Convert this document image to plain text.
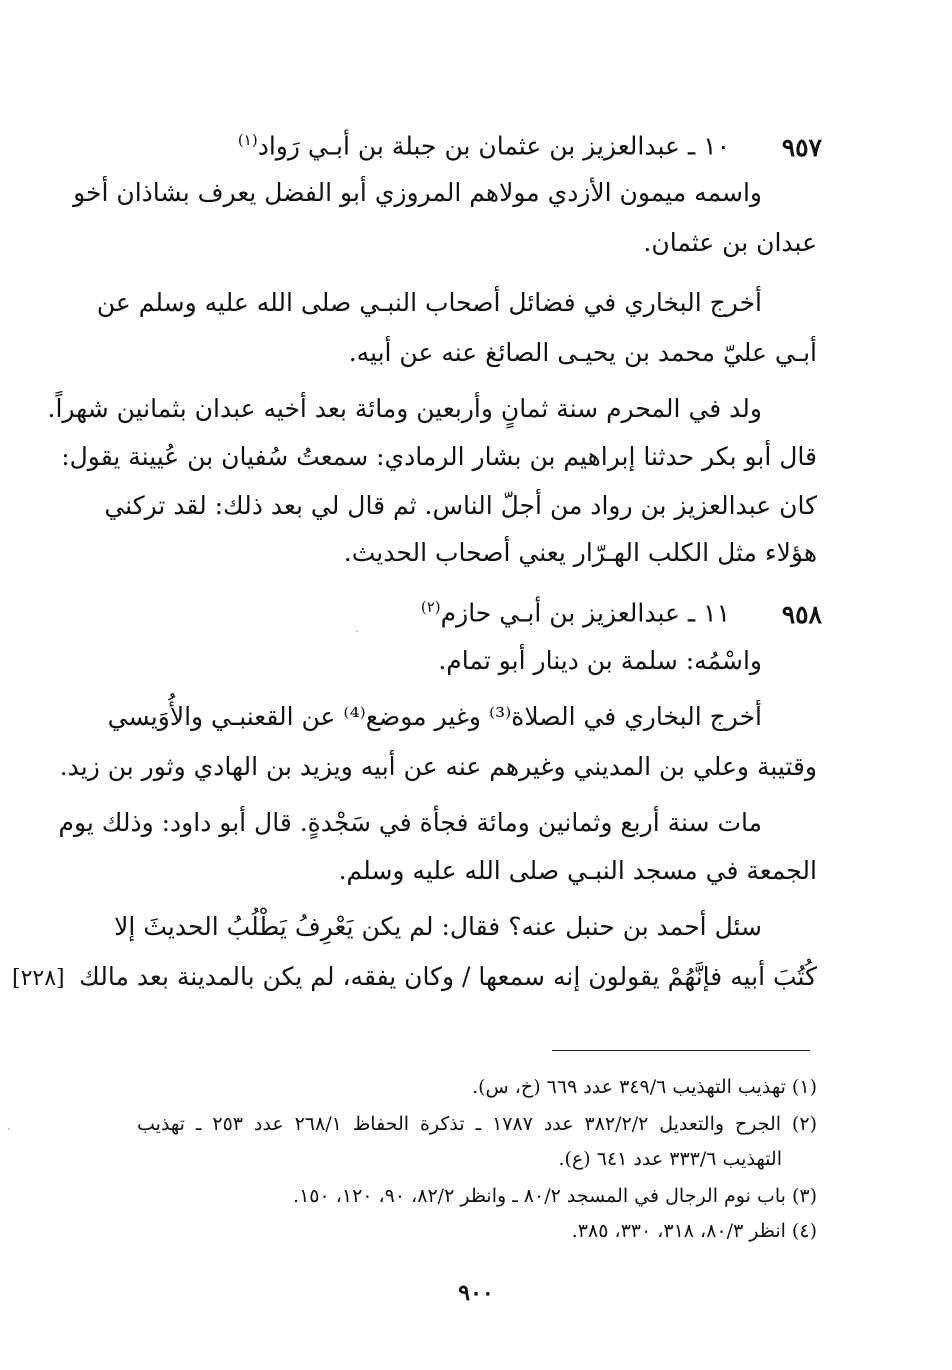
٩٥٧
١٠ ـ عبدالعزيز بن عثمان بن جبلة بن أبـي رَواد$^{(١)}$
واسمه ميمون الأزدي مولاهم المروزي أبو الفضل يعرف بشاذان أخو
عبدان بن عثمان.
أخرج البخاري في فضائل أصحاب النبـي صلى الله عليه وسلم عن
أبـي عليّ محمد بن يحيـى الصائغ عنه عن أبيه.
ولد في المحرم سنة ثمانٍ وأربعين ومائة بعد أخيه عبدان بثمانين شهراً.
قال أبو بكر حدثنا إبراهيم بن بشار الرمادي: سمعتُ سُفيان بن عُيينة يقول:
كان عبدالعزيز بن رواد من أجلّ الناس. ثم قال لي بعد ذلك: لقد تركني
هؤلاء مثل الكلب الهـرّار يعني أصحاب الحديث.
٩٥٨
١١ ـ عبدالعزيز بن أبـي حازم$^{(٢)}$
واسْمُه: سلمة بن دينار أبو تمام.
أخرج البخاري في الصلاة⁽³⁾ وغير موضع⁽⁴⁾ عن القعنبـي والأُوَيسي
وقتيبة وعلي بن المديني وغيرهم عنه عن أبيه ويزيد بن الهادي وثور بن زيد.
مات سنة أربع وثمانين ومائة فجأة في سَجْدةٍ. قال أبو داود: وذلك يوم
الجمعة في مسجد النبـي صلى الله عليه وسلم.
سئل أحمد بن حنبل عنه؟ فقال: لم يكن يَعْرِفُ يَطْلُبُ الحديثَ إلا
كُتُبَ أبيه فإنَّهُمْ يقولون إنه سمعها / وكان يفقه، لم يكن بالمدينة بعد مالك
[٢٢٨]
(١) تهذيب التهذيب ٣٤٩/٦ عدد ٦٦٩ (خ، س).
(٢) الجرح والتعديل ٣٨٢/٢/٢ عدد ١٧٨٧ ـ تذكرة الحفاظ ٢٦٨/١ عدد ٢٥٣ ـ تهذيب
التهذيب ٣٣٣/٦ عدد ٦٤١ (ع).
(٣) باب نوم الرجال في المسجد ٨٠/٢ ـ وانظر ٨٢/٢، ٩٠، ١٢٠، ١٥٠.
(٤) انظر ٨٠/٣، ٣١٨، ٣٣٠، ٣٨٥.
٩٠٠
